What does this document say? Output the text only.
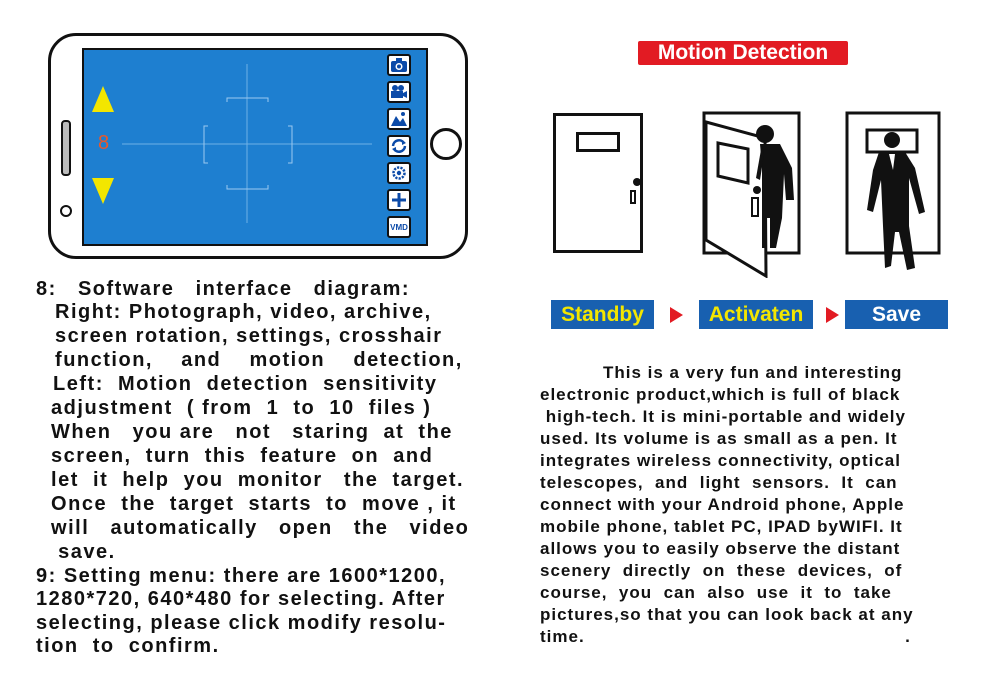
8
VMD
8:   Software   interface   diagram:
Right: Photograph, video, archive,
screen rotation, settings, crosshair
function,    and    motion    detection,
Left:  Motion  detection  sensitivity
adjustment  ( from  1  to  10  files )
When   you are   not   staring  at  the
screen,  turn  this  feature  on  and
let  it  help  you  monitor   the  target.
Once  the  target  starts  to  move , it
will   automatically   open   the   video
save.
9: Setting menu: there are 1600*1200,
1280*720, 640*480 for selecting. After
selecting, please click modify resolu-
tion  to  confirm.
Motion Detection
Standby	Activaten	Save
This is a very fun and interesting
electronic product,which is full of black
high-tech. It is mini-portable and widely
used. Its volume is as small as a pen. It
integrates wireless connectivity, optical
telescopes,  and  light  sensors.  It  can
connect with your Android phone, Apple
mobile phone, tablet PC, IPAD byWIFI. It
allows you to easily observe the distant
scenery  directly  on  these  devices,  of
course,  you  can  also  use  it  to  take
pictures,so that you can look back at any
time.                                                        .
